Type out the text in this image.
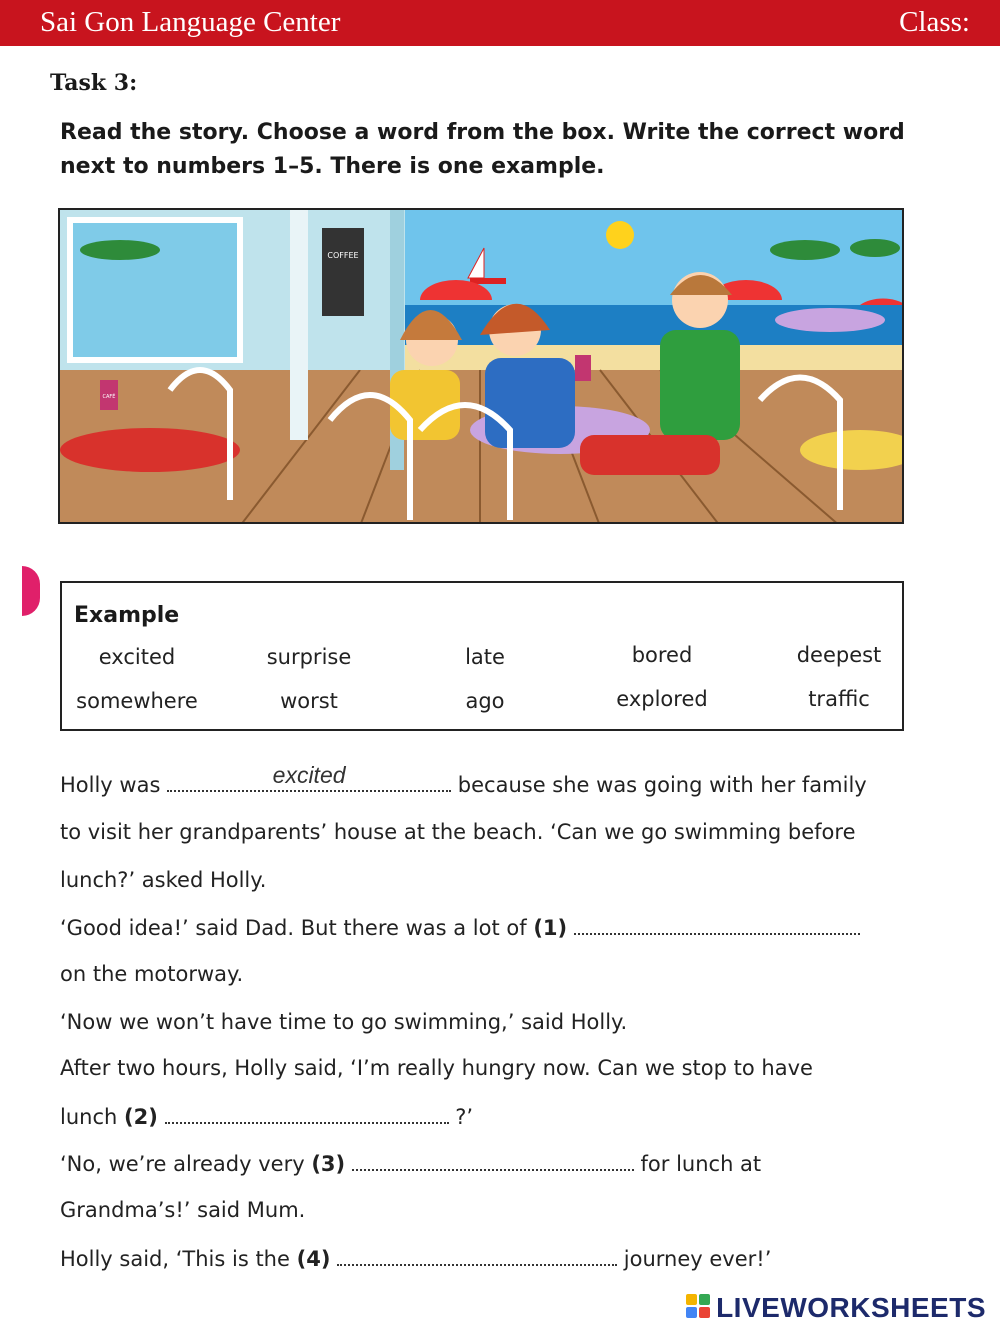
Sai Gon Language Center	Class:
Task 3:
Read the story. Choose a word from the box. Write the correct word next to numbers 1–5. There is one example.
COFFEE
CAFÉ
Example
excited	surprise	late	bored	deepest
somewhere	worst	ago	explored	traffic
Holly was	excited	because she was going with her family
to visit her grandparents’ house at the beach. ‘Can we go swimming before
lunch?’ asked Holly.
‘Good idea!’ said Dad. But there was a lot of (1)
on the motorway.
‘Now we won’t have time to go swimming,’ said Holly.
After two hours, Holly said, ‘I’m really hungry now. Can we stop to have
lunch (2)	?’
‘No, we’re already very (3)	for lunch at
Grandma’s!’ said Mum.
Holly said, ‘This is the (4)	journey ever!’
LIVEWORKSHEETS
